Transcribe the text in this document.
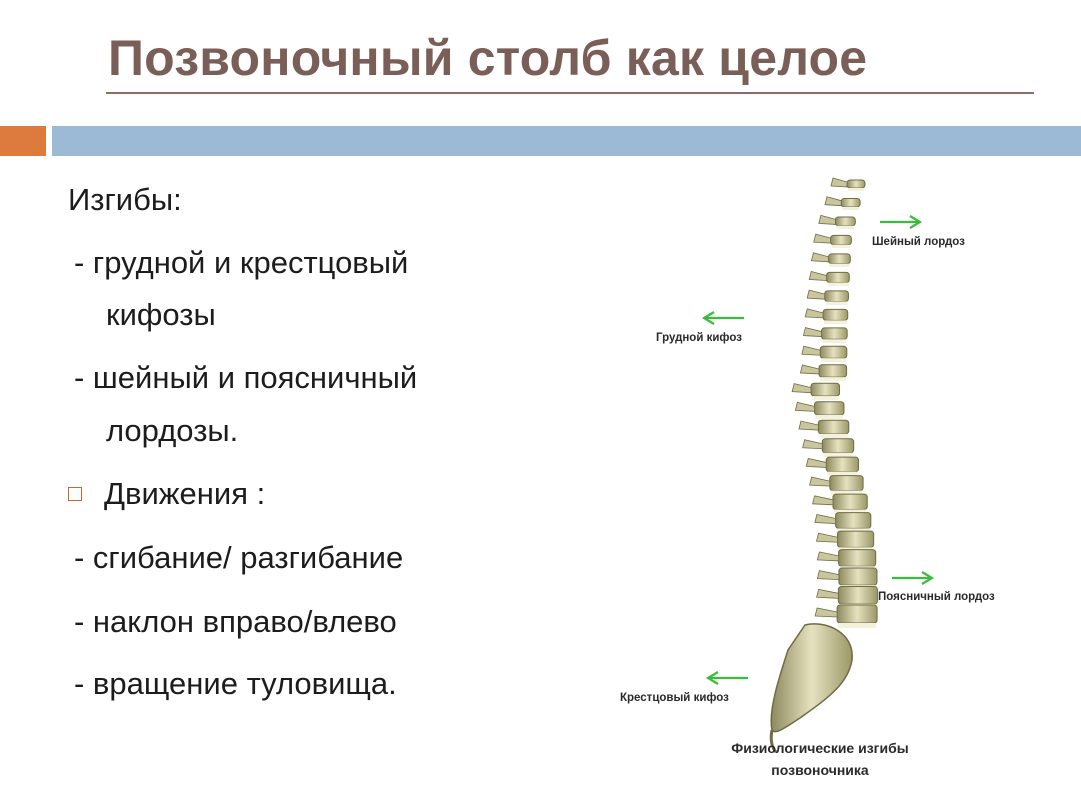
Позвоночный столб как целое
Изгибы:
- грудной и крестцовый
кифозы
- шейный и поясничный
лордозы.
Движения :
- сгибание/ разгибание
- наклон вправо/влево
- вращение туловища.
Шейный лордоз
Грудной кифоз
Поясничный лордоз
Крестцовый кифоз
Физиологические изгибы
позвоночника
